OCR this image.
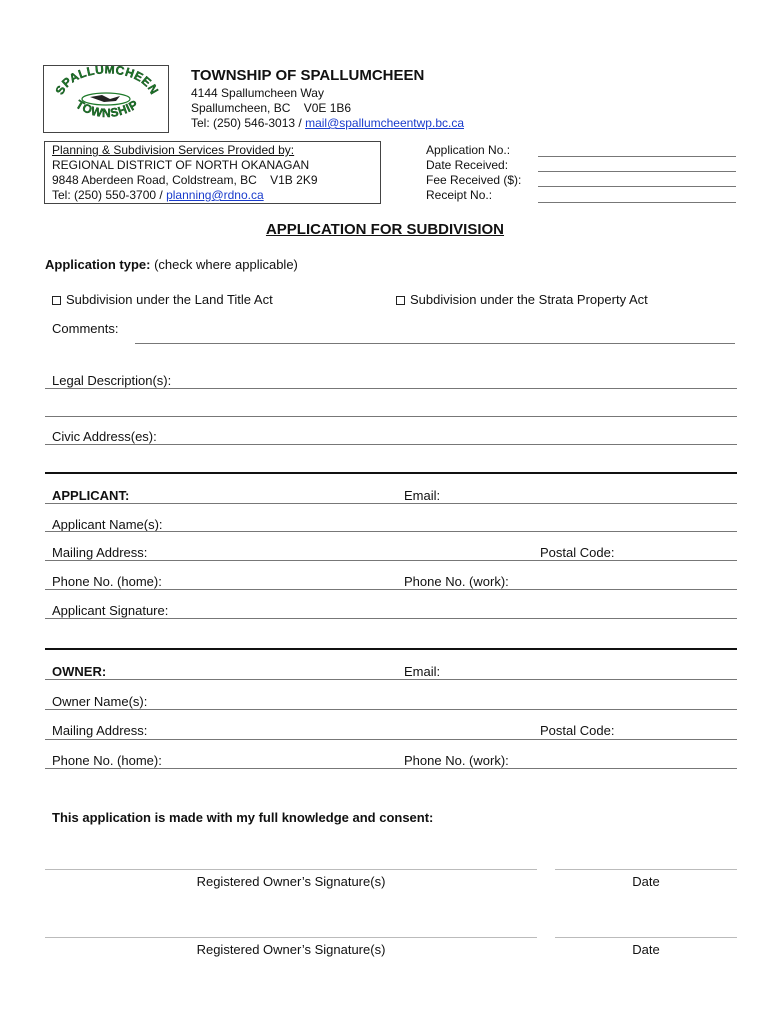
SPALLUMCHEEN
TOWNSHIP
TOWNSHIP OF SPALLUMCHEEN
4144 Spallumcheen Way
Spallumcheen, BC    V0E 1B6
Tel: (250) 546-3013 / mail@spallumcheentwp.bc.ca
Planning & Subdivision Services Provided by:
REGIONAL DISTRICT OF NORTH OKANAGAN
9848 Aberdeen Road, Coldstream, BC    V1B 2K9
Tel: (250) 550-3700 / planning@rdno.ca
Application No.:
Date Received:
Fee Received ($):
Receipt No.:
APPLICATION FOR SUBDIVISION
Application type: (check where applicable)
Subdivision under the Land Title Act	Subdivision under the Strata Property Act
Comments:
Legal Description(s):
Civic Address(es):
APPLICANT:	Email:
Applicant Name(s):
Mailing Address:	Postal Code:
Phone No. (home):	Phone No. (work):
Applicant Signature:
OWNER:	Email:
Owner Name(s):
Mailing Address:	Postal Code:
Phone No. (home):	Phone No. (work):
This application is made with my full knowledge and consent:
Registered Owner’s Signature(s)	Date
Registered Owner’s Signature(s)	Date
